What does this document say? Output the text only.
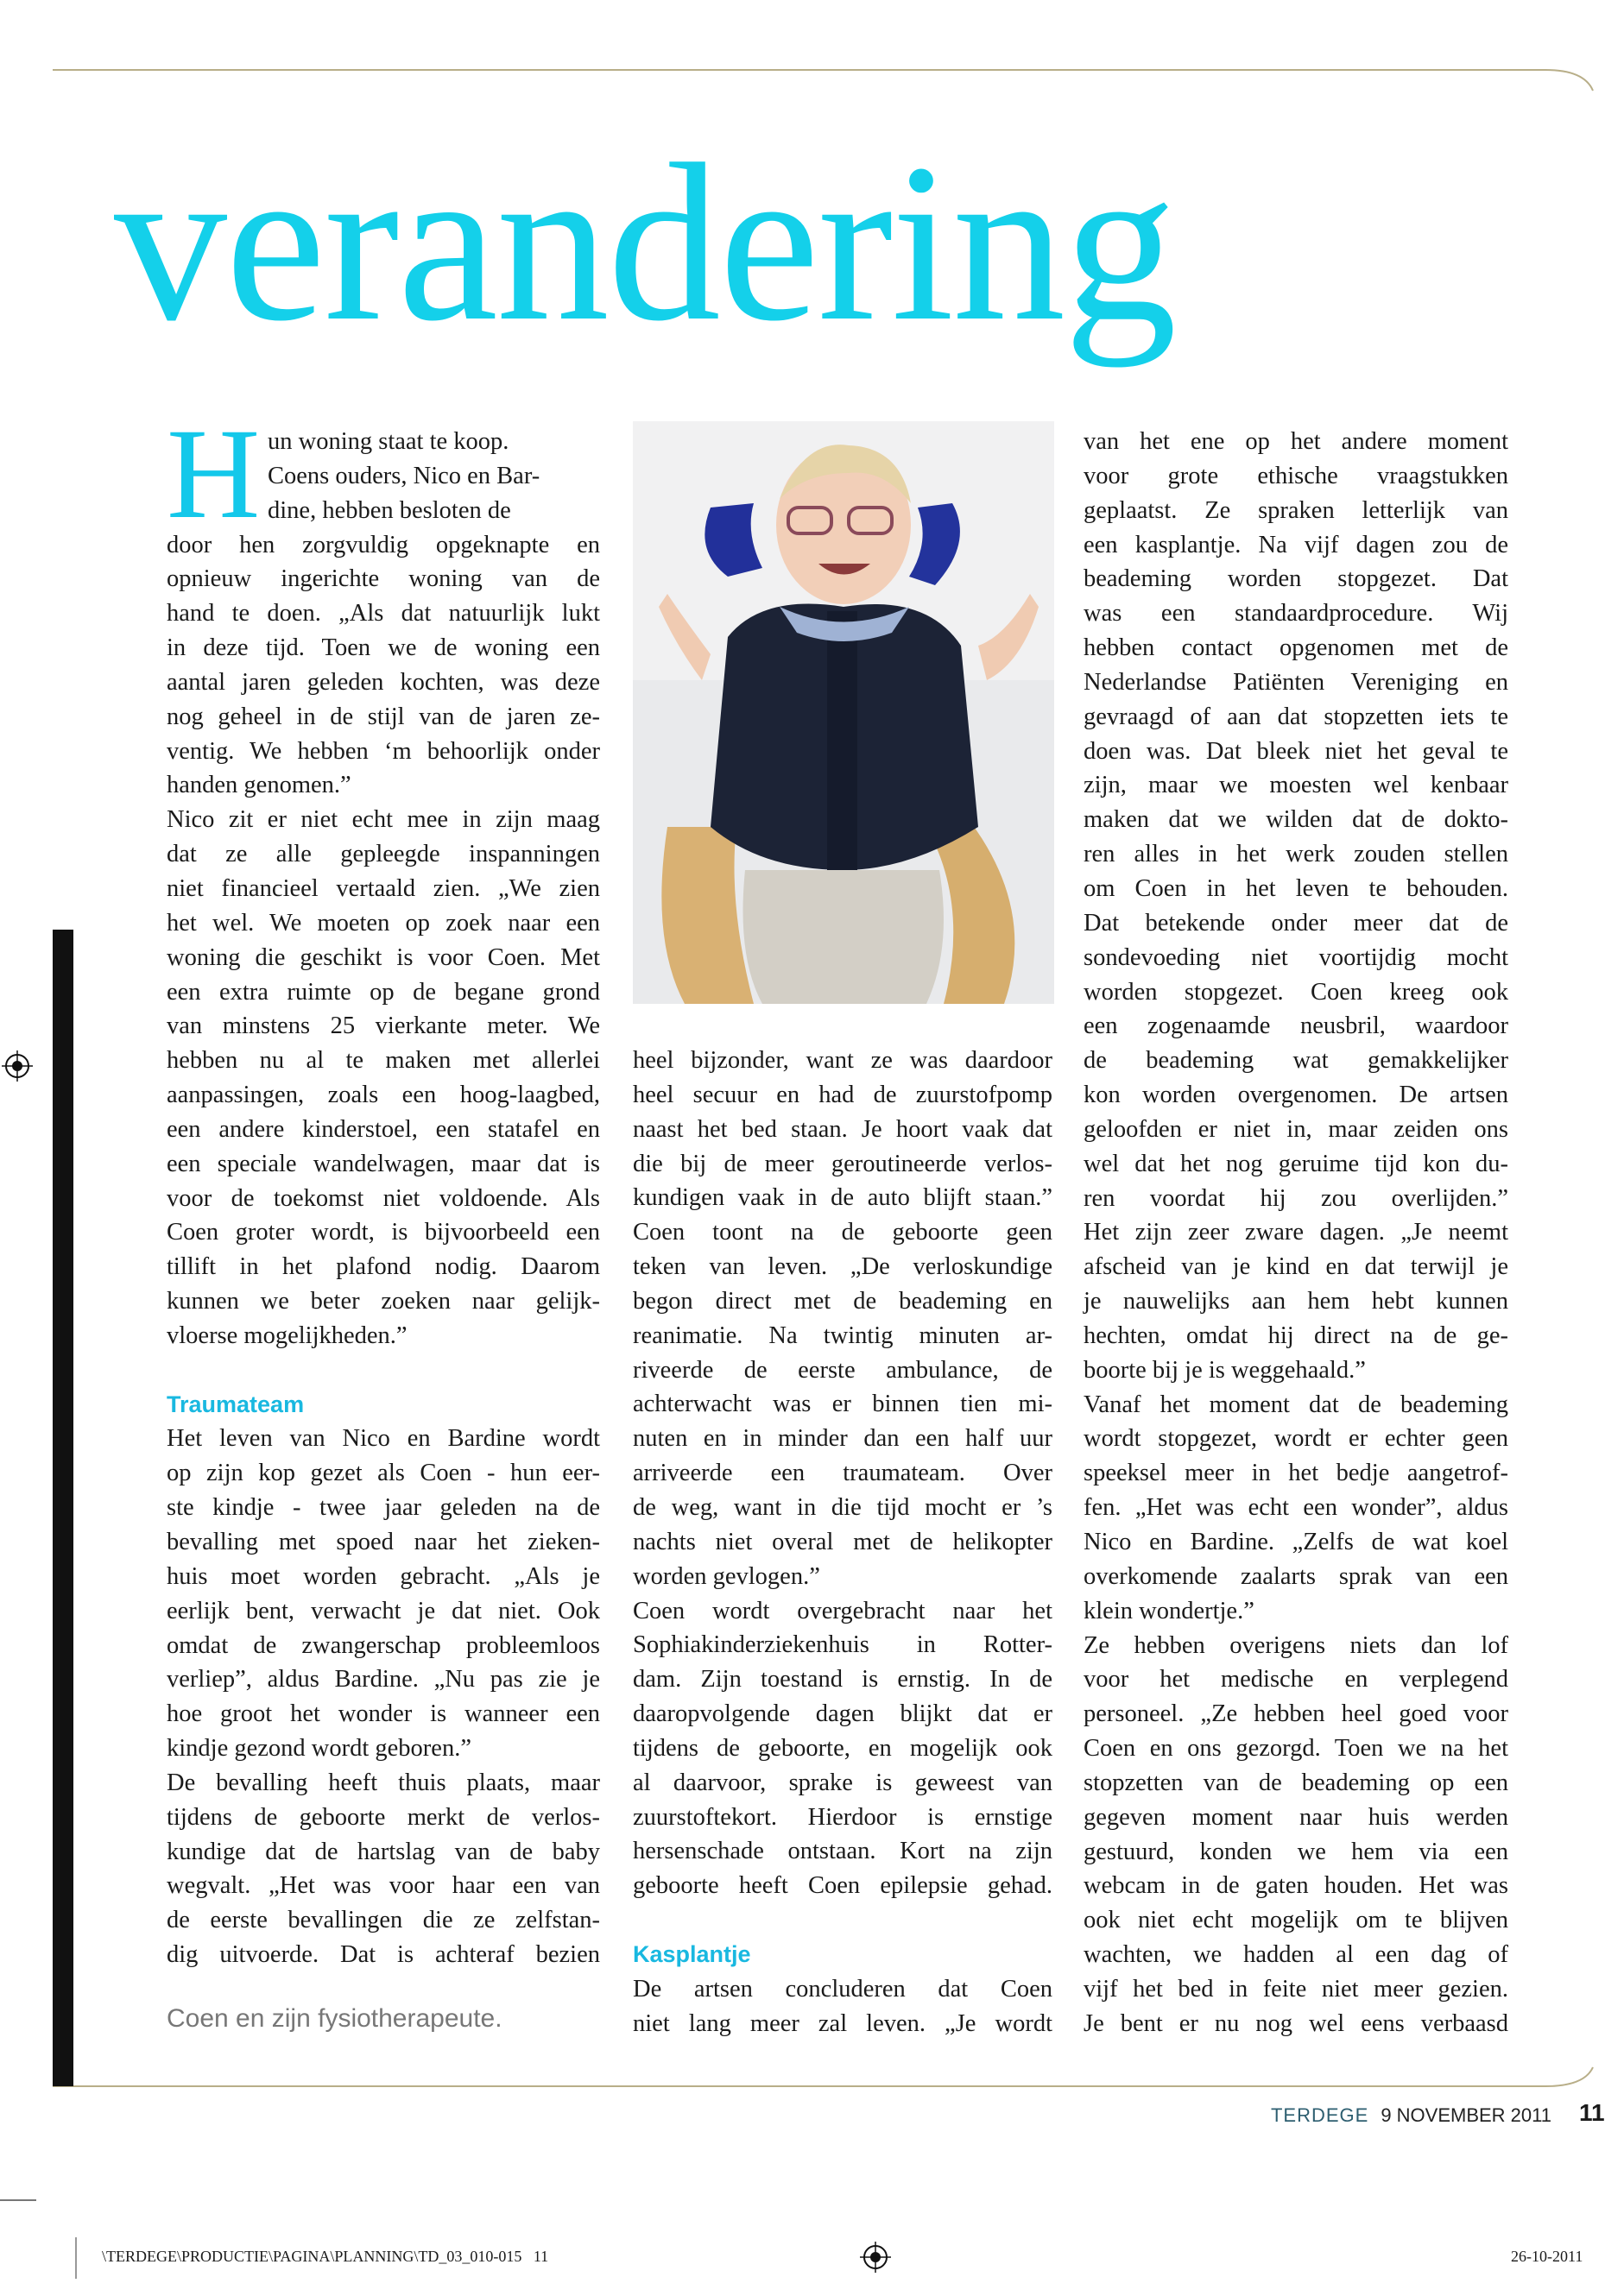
verandering
H un woning staat te koop.
Coens ouders, Nico en Bar-
dine, hebben besloten de
door hen zorgvuldig opgeknapte en
opnieuw ingerichte woning van de
hand te doen. „Als dat natuurlijk lukt
in deze tijd. Toen we de woning een
aantal jaren geleden kochten, was deze
nog geheel in de stijl van de jaren ze-
ventig. We hebben ‘m behoorlijk onder
handen genomen.”
Nico zit er niet echt mee in zijn maag
dat ze alle gepleegde inspanningen
niet financieel vertaald zien. „We zien
het wel. We moeten op zoek naar een
woning die geschikt is voor Coen. Met
een extra ruimte op de begane grond
van minstens 25 vierkante meter. We
hebben nu al te maken met allerlei
aanpassingen, zoals een hoog-laagbed,
een andere kinderstoel, een statafel en
een speciale wandelwagen, maar dat is
voor de toekomst niet voldoende. Als
Coen groter wordt, is bijvoorbeeld een
tillift in het plafond nodig. Daarom
kunnen we beter zoeken naar gelijk-
vloerse mogelijkheden.”
Traumateam
Het leven van Nico en Bardine wordt
op zijn kop gezet als Coen - hun eer-
ste kindje - twee jaar geleden na de
bevalling met spoed naar het zieken-
huis moet worden gebracht. „Als je
eerlijk bent, verwacht je dat niet. Ook
omdat de zwangerschap probleemloos
verliep”, aldus Bardine. „Nu pas zie je
hoe groot het wonder is wanneer een
kindje gezond wordt geboren.”
De bevalling heeft thuis plaats, maar
tijdens de geboorte merkt de verlos-
kundige dat de hartslag van de baby
wegvalt. „Het was voor haar een van
de eerste bevallingen die ze zelfstan-
dig uitvoerde. Dat is achteraf bezien
heel bijzonder, want ze was daardoor
heel secuur en had de zuurstofpomp
naast het bed staan. Je hoort vaak dat
die bij de meer geroutineerde verlos-
kundigen vaak in de auto blijft staan.”
Coen toont na de geboorte geen
teken van leven. „De verloskundige
begon direct met de beademing en
reanimatie. Na twintig minuten ar-
riveerde de eerste ambulance, de
achterwacht was er binnen tien mi-
nuten en in minder dan een half uur
arriveerde een traumateam. Over
de weg, want in die tijd mocht er ’s
nachts niet overal met de helikopter
worden gevlogen.”
Coen wordt overgebracht naar het
Sophiakinderziekenhuis in Rotter-
dam. Zijn toestand is ernstig. In de
daaropvolgende dagen blijkt dat er
tijdens de geboorte, en mogelijk ook
al daarvoor, sprake is geweest van
zuurstoftekort. Hierdoor is ernstige
hersenschade ontstaan. Kort na zijn
geboorte heeft Coen epilepsie gehad.
Kasplantje
De artsen concluderen dat Coen
niet lang meer zal leven. „Je wordt
van het ene op het andere moment
voor grote ethische vraagstukken
geplaatst. Ze spraken letterlijk van
een kasplantje. Na vijf dagen zou de
beademing worden stopgezet. Dat
was een standaardprocedure. Wij
hebben contact opgenomen met de
Nederlandse Patiënten Vereniging en
gevraagd of aan dat stopzetten iets te
doen was. Dat bleek niet het geval te
zijn, maar we moesten wel kenbaar
maken dat we wilden dat de dokto-
ren alles in het werk zouden stellen
om Coen in het leven te behouden.
Dat betekende onder meer dat de
sondevoeding niet voortijdig mocht
worden stopgezet. Coen kreeg ook
een zogenaamde neusbril, waardoor
de beademing wat gemakkelijker
kon worden overgenomen. De artsen
geloofden er niet in, maar zeiden ons
wel dat het nog geruime tijd kon du-
ren voordat hij zou overlijden.”
Het zijn zeer zware dagen. „Je neemt
afscheid van je kind en dat terwijl je
je nauwelijks aan hem hebt kunnen
hechten, omdat hij direct na de ge-
boorte bij je is weggehaald.”
Vanaf het moment dat de beademing
wordt stopgezet, wordt er echter geen
speeksel meer in het bedje aangetrof-
fen. „Het was echt een wonder”, aldus
Nico en Bardine. „Zelfs de wat koel
overkomende zaalarts sprak van een
klein wondertje.”
Ze hebben overigens niets dan lof
voor het medische en verplegend
personeel. „Ze hebben heel goed voor
Coen en ons gezorgd. Toen we na het
stopzetten van de beademing op een
gegeven moment naar huis werden
gestuurd, konden we hem via een
webcam in de gaten houden. Het was
ook niet echt mogelijk om te blijven
wachten, we hadden al een dag of
vijf het bed in feite niet meer gezien.
Je bent er nu nog wel eens verbaasd
Coen en zijn fysiotherapeute.
TERDEGE 9 NOVEMBER 2011 11
\TERDEGE\PRODUCTIE\PAGINA\PLANNING\TD_03_010-015   11	26-10-2011
